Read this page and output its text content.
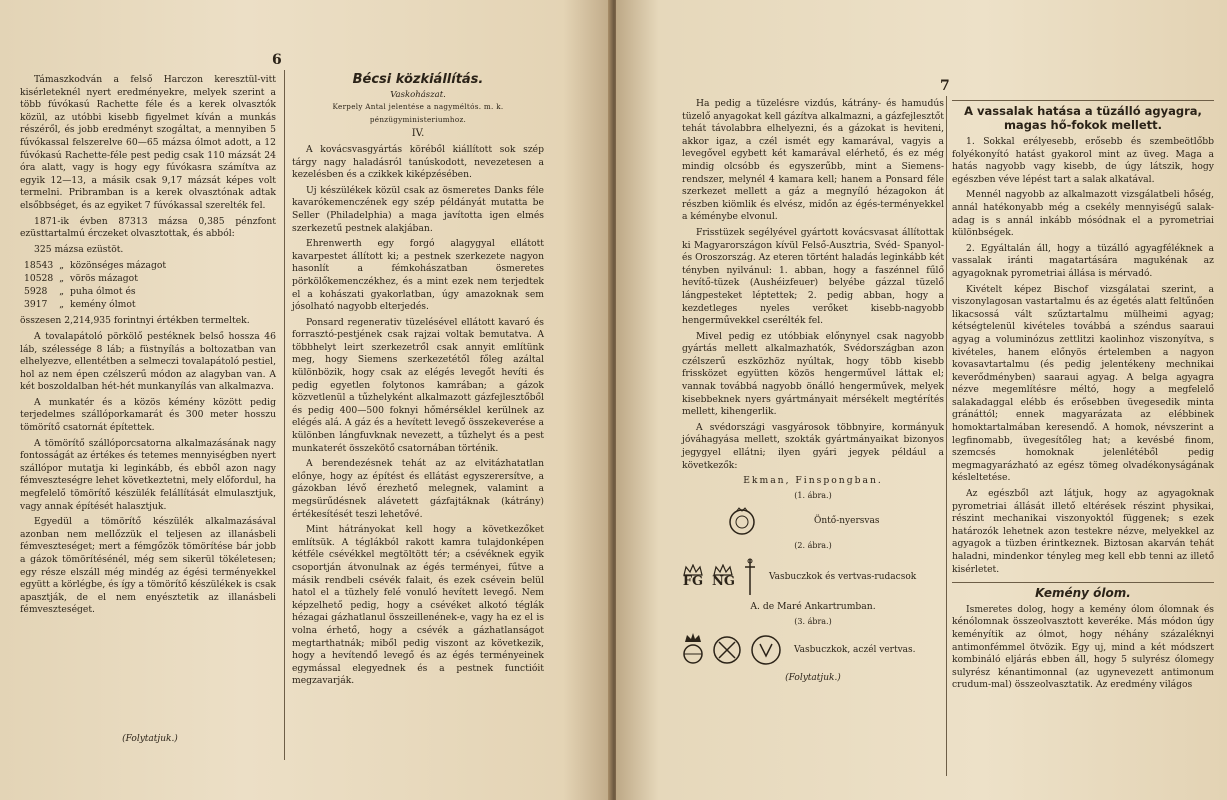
6

Támaszkodván a felső Harczon keresztül-vitt kisérleteknél nyert eredményekre, melyek szerint a több fúvókasú Rachette féle és a kerek olvasztók közül, az utóbbi kisebb figyelmet kíván a munkás részéről, és jobb eredményt szogáltat, a mennyiben 5 fúvókassal felszerelve 60—65 mázsa ólmot adott, a 12 fúvókasú Rachette-féle pest pedig csak 110 mázsát 24 óra alatt, vagy is hogy egy fúvókasra számítva az egyik 12—13, a másik csak 9,17 mázsát képes volt termelni. Pribramban is a kerek olvasztónak adtak elsőbbséget, és az egyiket 7 fúvókassal szerelték fel.

1871-ik évben 87313 mázsa 0,385 pénzfont ezüsttartalmú érczeket olvasztottak, és abból:

325 mázsa ezüstöt.

18543	„	közönséges mázagot
10528	„	vörös mázagot
5928	„	puha ólmot és
3917	„	kemény ólmot

összesen 2,214,935 forintnyi értékben termeltek.

A tovalapátoló pörkölő pestéknek belső hossza 46 láb, szélessége 8 láb; a füstnyílás a boltozatban van elhelyezve, ellentétben a selmeczi tovalapátoló pestiel, hol az nem épen czélszerű módon az alagyban van. A két boszoldalban hét-hét munkanyílás van alkalmazva.

A munkatér és a közös kémény között pedig terjedelmes szállóporkamarát és 300 meter hosszu tömörítő csatornát építettek.

A tömörítő szállóporcsatorna alkalmazásának nagy fontosságát az értékes és tetemes mennyiségben nyert szállópor mutatja ki leginkább, és ebből azon nagy fémveszteségre lehet következtetni, mely előfordul, ha megfelelő tömörítő készülék felállítását elmulasztjuk, vagy annak építését halasztjuk.

Egyedül a tömörítő készülék alkalmazásával azonban nem mellőzzük el teljesen az illanásbeli fémveszteséget; mert a fémgőzök tömörítése bár jobb a gázok tömörítésénél, még sem sikerül tökéletesen; egy része elszáll még mindég az égési terményekkel együtt a körlégbe, és így a tömörítő készülékek is csak apasztják, de el nem enyésztetik az illanásbeli fémveszteséget.

(Folytatjuk.)
Bécsi közkiállítás.
Vaskohászat.
Kerpely Antal jelentése a nagyméltós. m. k. pénzügyministeriumhoz.
IV.

A kovácsvasgyártás köréből kiállított sok szép tárgy nagy haladásról tanúskodott, nevezetesen a kezelésben és a czikkek kiképzésében.

Uj készülékek közül csak az ösmeretes Danks féle kavarókemenczének egy szép példányát mutatta be Seller (Philadelphia) a maga javította igen elmés szerkezetű pestnek alakjában.

Ehrenwerth egy forgó alagygyal ellátott kavarpestet állított ki; a pestnek szerkezete nagyon hasonlít a fémkohászatban ösmeretes pörkölőkemenczékhez, és a mint ezek nem terjedtek el a kohászati gyakorlatban, úgy amazoknak sem jósolható nagyobb elterjedés.

Ponsard regenerativ tüzelésével ellátott kavaró és forrasztó-pestjének csak rajzai voltak bemutatva. A többhelyt leirt szerkezetről csak annyit említünk meg, hogy Siemens szerkezetétől főleg azáltal különbözik, hogy csak az elégés levegőt hevíti és pedig egyetlen folytonos kamrában; a gázok közvetlenül a tűzhelyként alkalmazott gázfejlesztőből és pedig 400—500 foknyi hőmérséklel kerülnek az elégés alá. A gáz és a hevített levegő összekeverése a különben lángfuvknak nevezett, a tűzhelyt és a pest munkaterét összekötő csatornában történik.

A berendezésnek tehát az az elvitázhatatlan előnye, hogy az építést és ellátást egyszerersítve, a gázokban lévő érezhető melegnek, valamint a megsürűdésnek alávetett gázfajtáknak (kátrány) értékesítését teszi lehetővé.

Mint hátrányokat kell hogy a következőket említsük. A téglákból rakott kamra tulajdonképen kétféle csévékkel megtöltött tér; a csévéknek egyik csoportján átvonulnak az égés terményei, fűtve a másik rendbeli csévék falait, és ezek csévein belül hatol el a tüzhely felé vonuló hevített levegő. Nem képzelhető pedig, hogy a csévéket alkotó téglák hézagai gázhatlanul összeillenének-e, vagy ha ez el is volna érhető, hogy a csévék a gázhatlanságot megtarthatnák; miből pedig viszont az következik, hogy a hevítendő levegő és az égés terményeinek egymással elegyednek és a pestnek functióit megzavarják.

7

Ha pedig a tüzelésre vizdús, kátrány- és hamudús tüzelő anyagokat kell gázítva alkalmazni, a gázfejlesztőt tehát távolabbra elhelyezni, és a gázokat is heviteni, akkor igaz, a czél ismét egy kamarával, vagyis a levegővel egybett két kamarával elérhető, és ez még mindig olcsóbb és egyszerűbb, mint a Siemens-rendszer, melynél 4 kamara kell; hanem a Ponsard féle szerkezet mellett a gáz a megnyíló hézagokon át részben kiömlik és elvész, midőn az égés-terményekkel a kéménybe elvonul.

Frisstüzek segélyével gyártott kovácsvasat állítottak ki Magyarországon kívül Felső-Ausztria, Svéd- Spanyol- és Oroszország. Az eteren történt haladás leginkább két tényben nyilvánul: 1. abban, hogy a faszénnel fűlő hevítő-tüzek (Aushéizfeuer) belyébe gázzal tüzelő lángpesteket léptettek; 2. pedig abban, hogy a kezdetleges nyeles verőket kisebb-nagyobb hengerművekkel cserélték fel.

Mivel pedig ez utóbbiak előnynyel csak nagyobb gyártás mellett alkalmazhatók, Svédországban azon czélszerű eszközhöz nyúltak, hogy több kisebb frissközet együtten közös hengerművel láttak el; vannak továbbá nagyobb önálló hengerművek, melyek kisebbeknek nyers gyártmányait mérsékelt megtérítés mellett, kihengerlik.

A svédországi vasgyárosok többnyire, kormányuk jóváhagyása mellett, szokták gyártmányaikat bizonyos jegygyel ellátni; ilyen gyári jegyek például a következők:

Ekman, Finspongban.
(1. ábra.)
Öntő-nyersvas
(2. ábra.)
FG NG	Vasbuczkok és vertvas-rudacsok
A. de Maré Ankartrumban.
(3. ábra.)
Vasbuczkok, aczél vertvas.
(Folytatjuk.)
A vassalak hatása a tüzálló agyagra, magas hő-fokok mellett.

1. Sokkal erélyesebb, erősebb és szembeötlőbb folyékonyító hatást gyakorol mint az üveg. Maga a hatás nagyobb vagy kisebb, de úgy látszik, hogy egészben véve lépést tart a salak alkatával.

Mennél nagyobb az alkalmazott vizsgálatbeli hőség, annál hatékonyabb még a csekély mennyiségű salak-adag is s annál inkább mósódnak el a pyrometriai különbségek.

2. Egyáltalán áll, hogy a tüzálló agyagféléknek a vassalak iránti magatartására magukénak az agyagoknak pyrometriai állása is mérvadó.

Kivételt képez Bischof vizsgálatai szerint, a viszonylagosan vastartalmu és az égetés alatt feltűnően likacsossá vált szűztartalmu mülheimi agyag; kétségtelenül kivételes továbbá a széndus saaraui agyag a voluminózus zettlitzi kaolinhoz viszonyítva, s kivételes, hanem előnyös értelemben a nagyon kovasavtartalmu (és pedig jelentékeny mechnikai keverődményben) saaraui agyag. A belga agyagra nézve megemlítésre méltó, hogy a megfelelő salakadaggal elébb és erősebben üvegesedik minta gránáttól; ennek magyarázata az elébbinek homoktartalmában keresendő. A homok, névszerint a legfinomabb, üvegesítőleg hat; a kevésbé finom, szemcsés homoknak jelenlétéből pedig megmagyarázható az egész tömeg olvadékonyságának késleltetése.

Az egészből azt látjuk, hogy az agyagoknak pyrometriai állását illető eltérések részint physikai, részint mechanikai viszonyoktól függenek; s ezek határozók lehetnek azon testekre nézve, melyekkel az agyagok a tüzben érintkeznek. Biztosan akarván tehát haladni, mindenkor tényleg meg kell ebb tenni az illető kisérletet.

Kemény ólom.

Ismeretes dolog, hogy a kemény ólom ólomnak és kénólomnak összeolvasztott keveréke. Más módon úgy keményítik az ólmot, hogy néhány százaléknyi antimonfémmel ötvözik. Egy uj, mind a két módszert kombináló eljárás ebben áll, hogy 5 sulyrész ólomegy sulyrész kénantimonnal (az ugynevezett antimonum crudum-mal) összeolvasztatik. Az eredmény világos
